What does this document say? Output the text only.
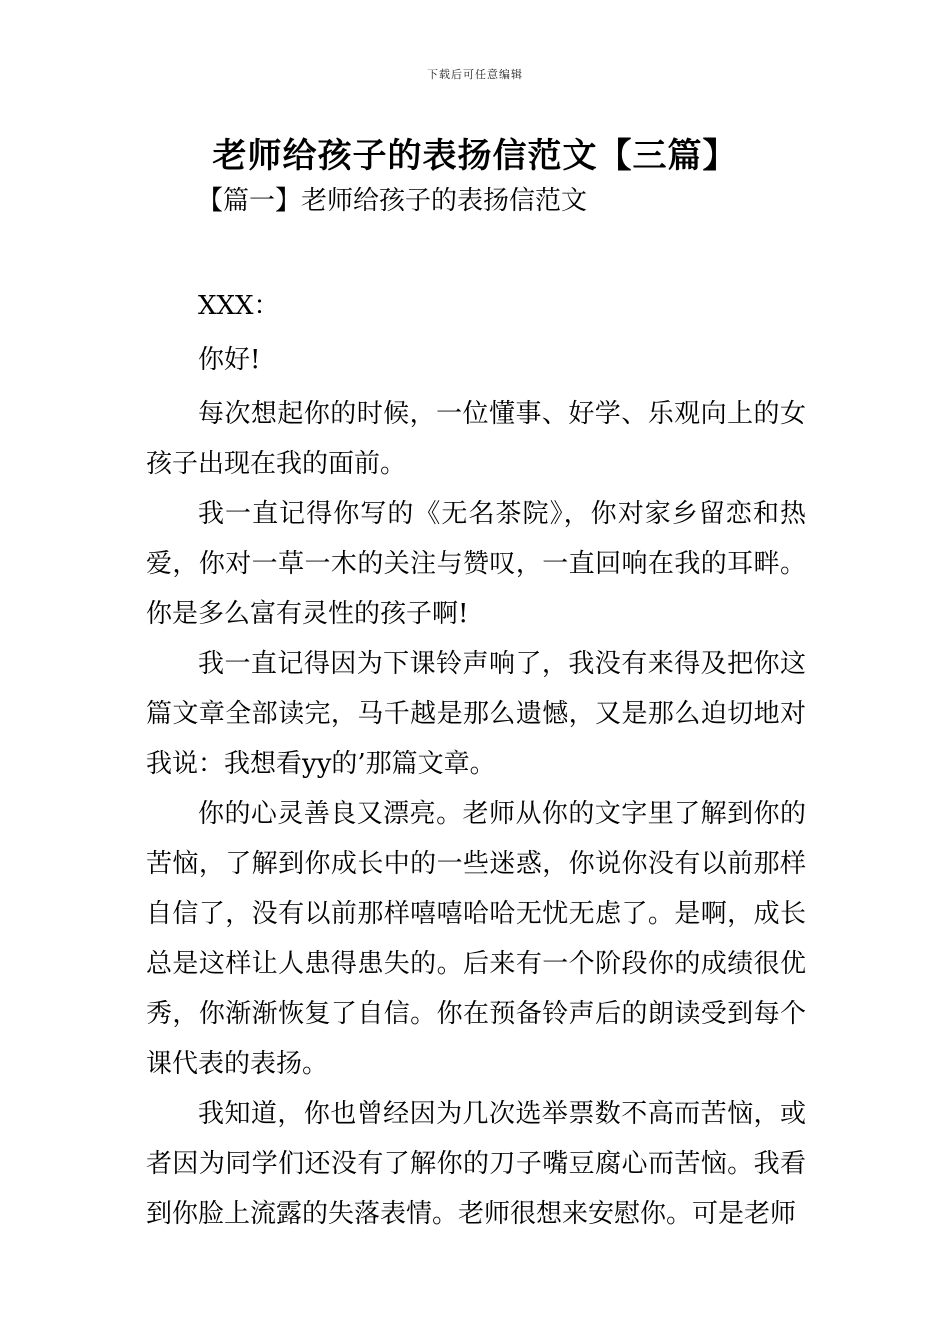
下载后可任意编辑
老师给孩子的表扬信范文【三篇】
【篇一】老师给孩子的表扬信范文

XXX：

你好!

每次想起你的时候，一位懂事、好学、乐观向上的女孩子出现在我的面前。

我一直记得你写的《无名茶院》，你对家乡留恋和热爱，你对一草一木的关注与赞叹，一直回响在我的耳畔。你是多么富有灵性的孩子啊!

我一直记得因为下课铃声响了，我没有来得及把你这篇文章全部读完，马千越是那么遗憾，又是那么迫切地对我说：我想看yy的’那篇文章。

你的心灵善良又漂亮。老师从你的文字里了解到你的苦恼，了解到你成长中的一些迷惑，你说你没有以前那样自信了，没有以前那样嘻嘻哈哈无忧无虑了。是啊，成长总是这样让人患得患失的。后来有一个阶段你的成绩很优秀，你渐渐恢复了自信。你在预备铃声后的朗读受到每个课代表的表扬。

我知道，你也曾经因为几次选举票数不高而苦恼，或者因为同学们还没有了解你的刀子嘴豆腐心而苦恼。我看到你脸上流露的失落表情。老师很想来安慰你。可是老师
